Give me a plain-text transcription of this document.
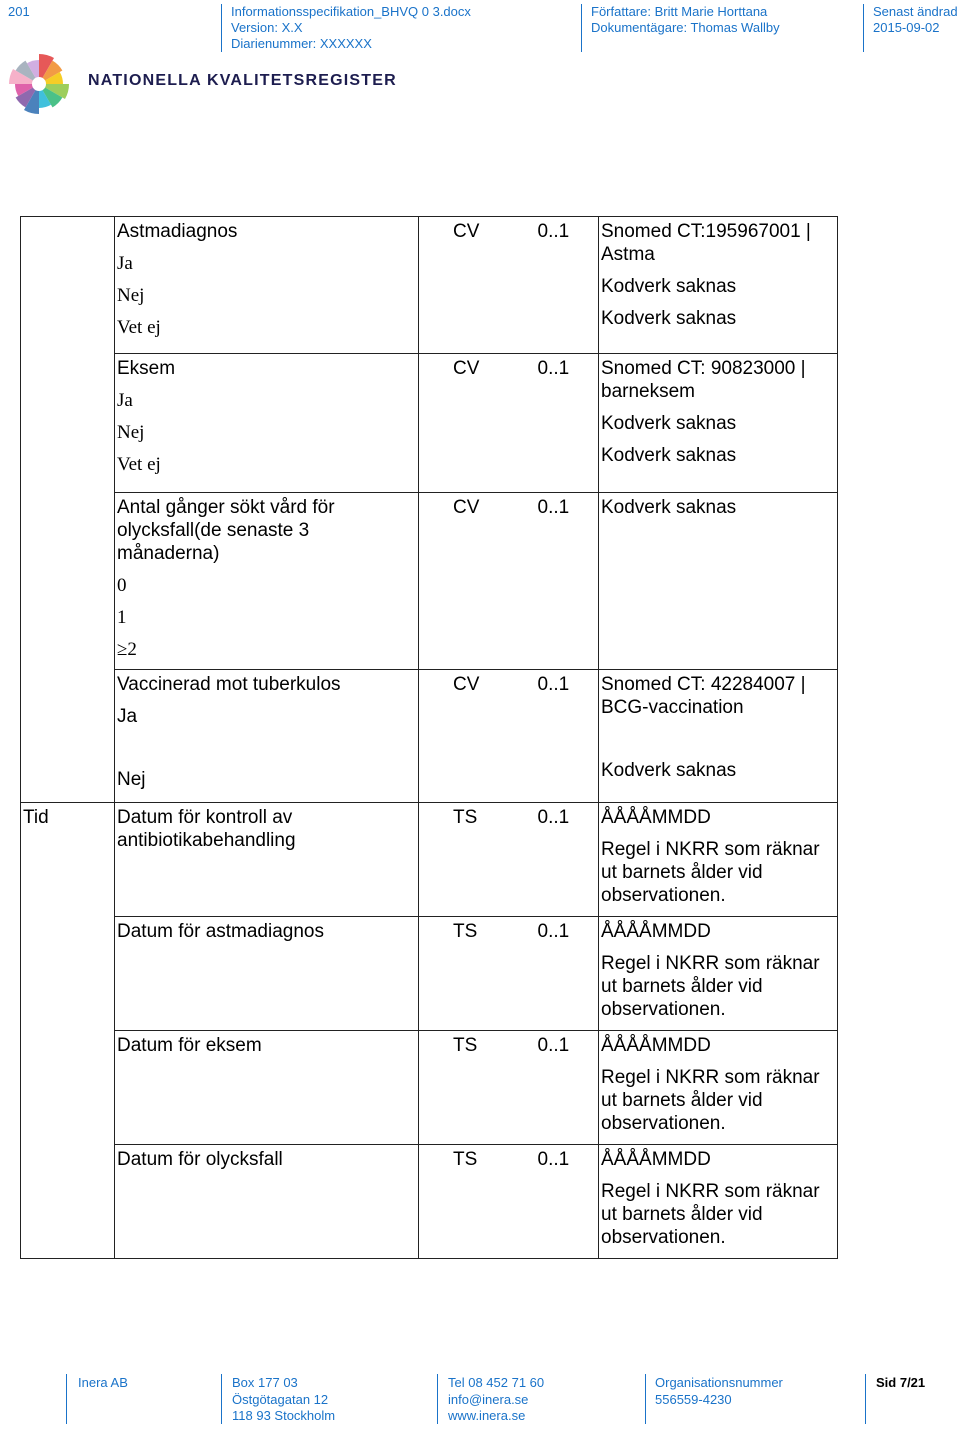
201	Informationsspecifikation_BHVQ 0 3.docx
Version: X.X
Diarienummer: XXXXXX
Författare: Britt Marie Horttana
Dokumentägare: Thomas Wallby
Senast ändrad
2015-09-02
NATIONELLA KVALITETSREGISTER

	Astmadiagnos
Ja
Nej
Vet ej	CV	0..1	Snomed CT:195967001 | Astma
Kodverk saknas
Kodverk saknas

	Eksem
Ja
Nej
Vet ej	CV	0..1	Snomed CT: 90823000 | barneksem
Kodverk saknas
Kodverk saknas

	Antal gånger sökt vård för olycksfall(de senaste 3 månaderna)
0
1
≥2	CV	0..1	Kodverk saknas

	Vaccinerad mot tuberkulos
Ja
Nej	CV	0..1	Snomed CT: 42284007 | BCG-vaccination
Kodverk saknas

Tid	Datum för kontroll av antibiotikabehandling	TS	0..1	ÅÅÅÅMMDD
Regel i NKRR som räknar ut barnets ålder vid observationen.

	Datum för astmadiagnos	TS	0..1	ÅÅÅÅMMDD
Regel i NKRR som räknar ut barnets ålder vid observationen.

	Datum för eksem	TS	0..1	ÅÅÅÅMMDD
Regel i NKRR som räknar ut barnets ålder vid observationen.

	Datum för olycksfall	TS	0..1	ÅÅÅÅMMDD
Regel i NKRR som räknar ut barnets ålder vid observationen.
Inera AB	Box 177 03
Östgötagatan 12
118 93 Stockholm
Tel 08 452 71 60
info@inera.se
www.inera.se
Organisationsnummer
556559-4230
Sid 7/21
